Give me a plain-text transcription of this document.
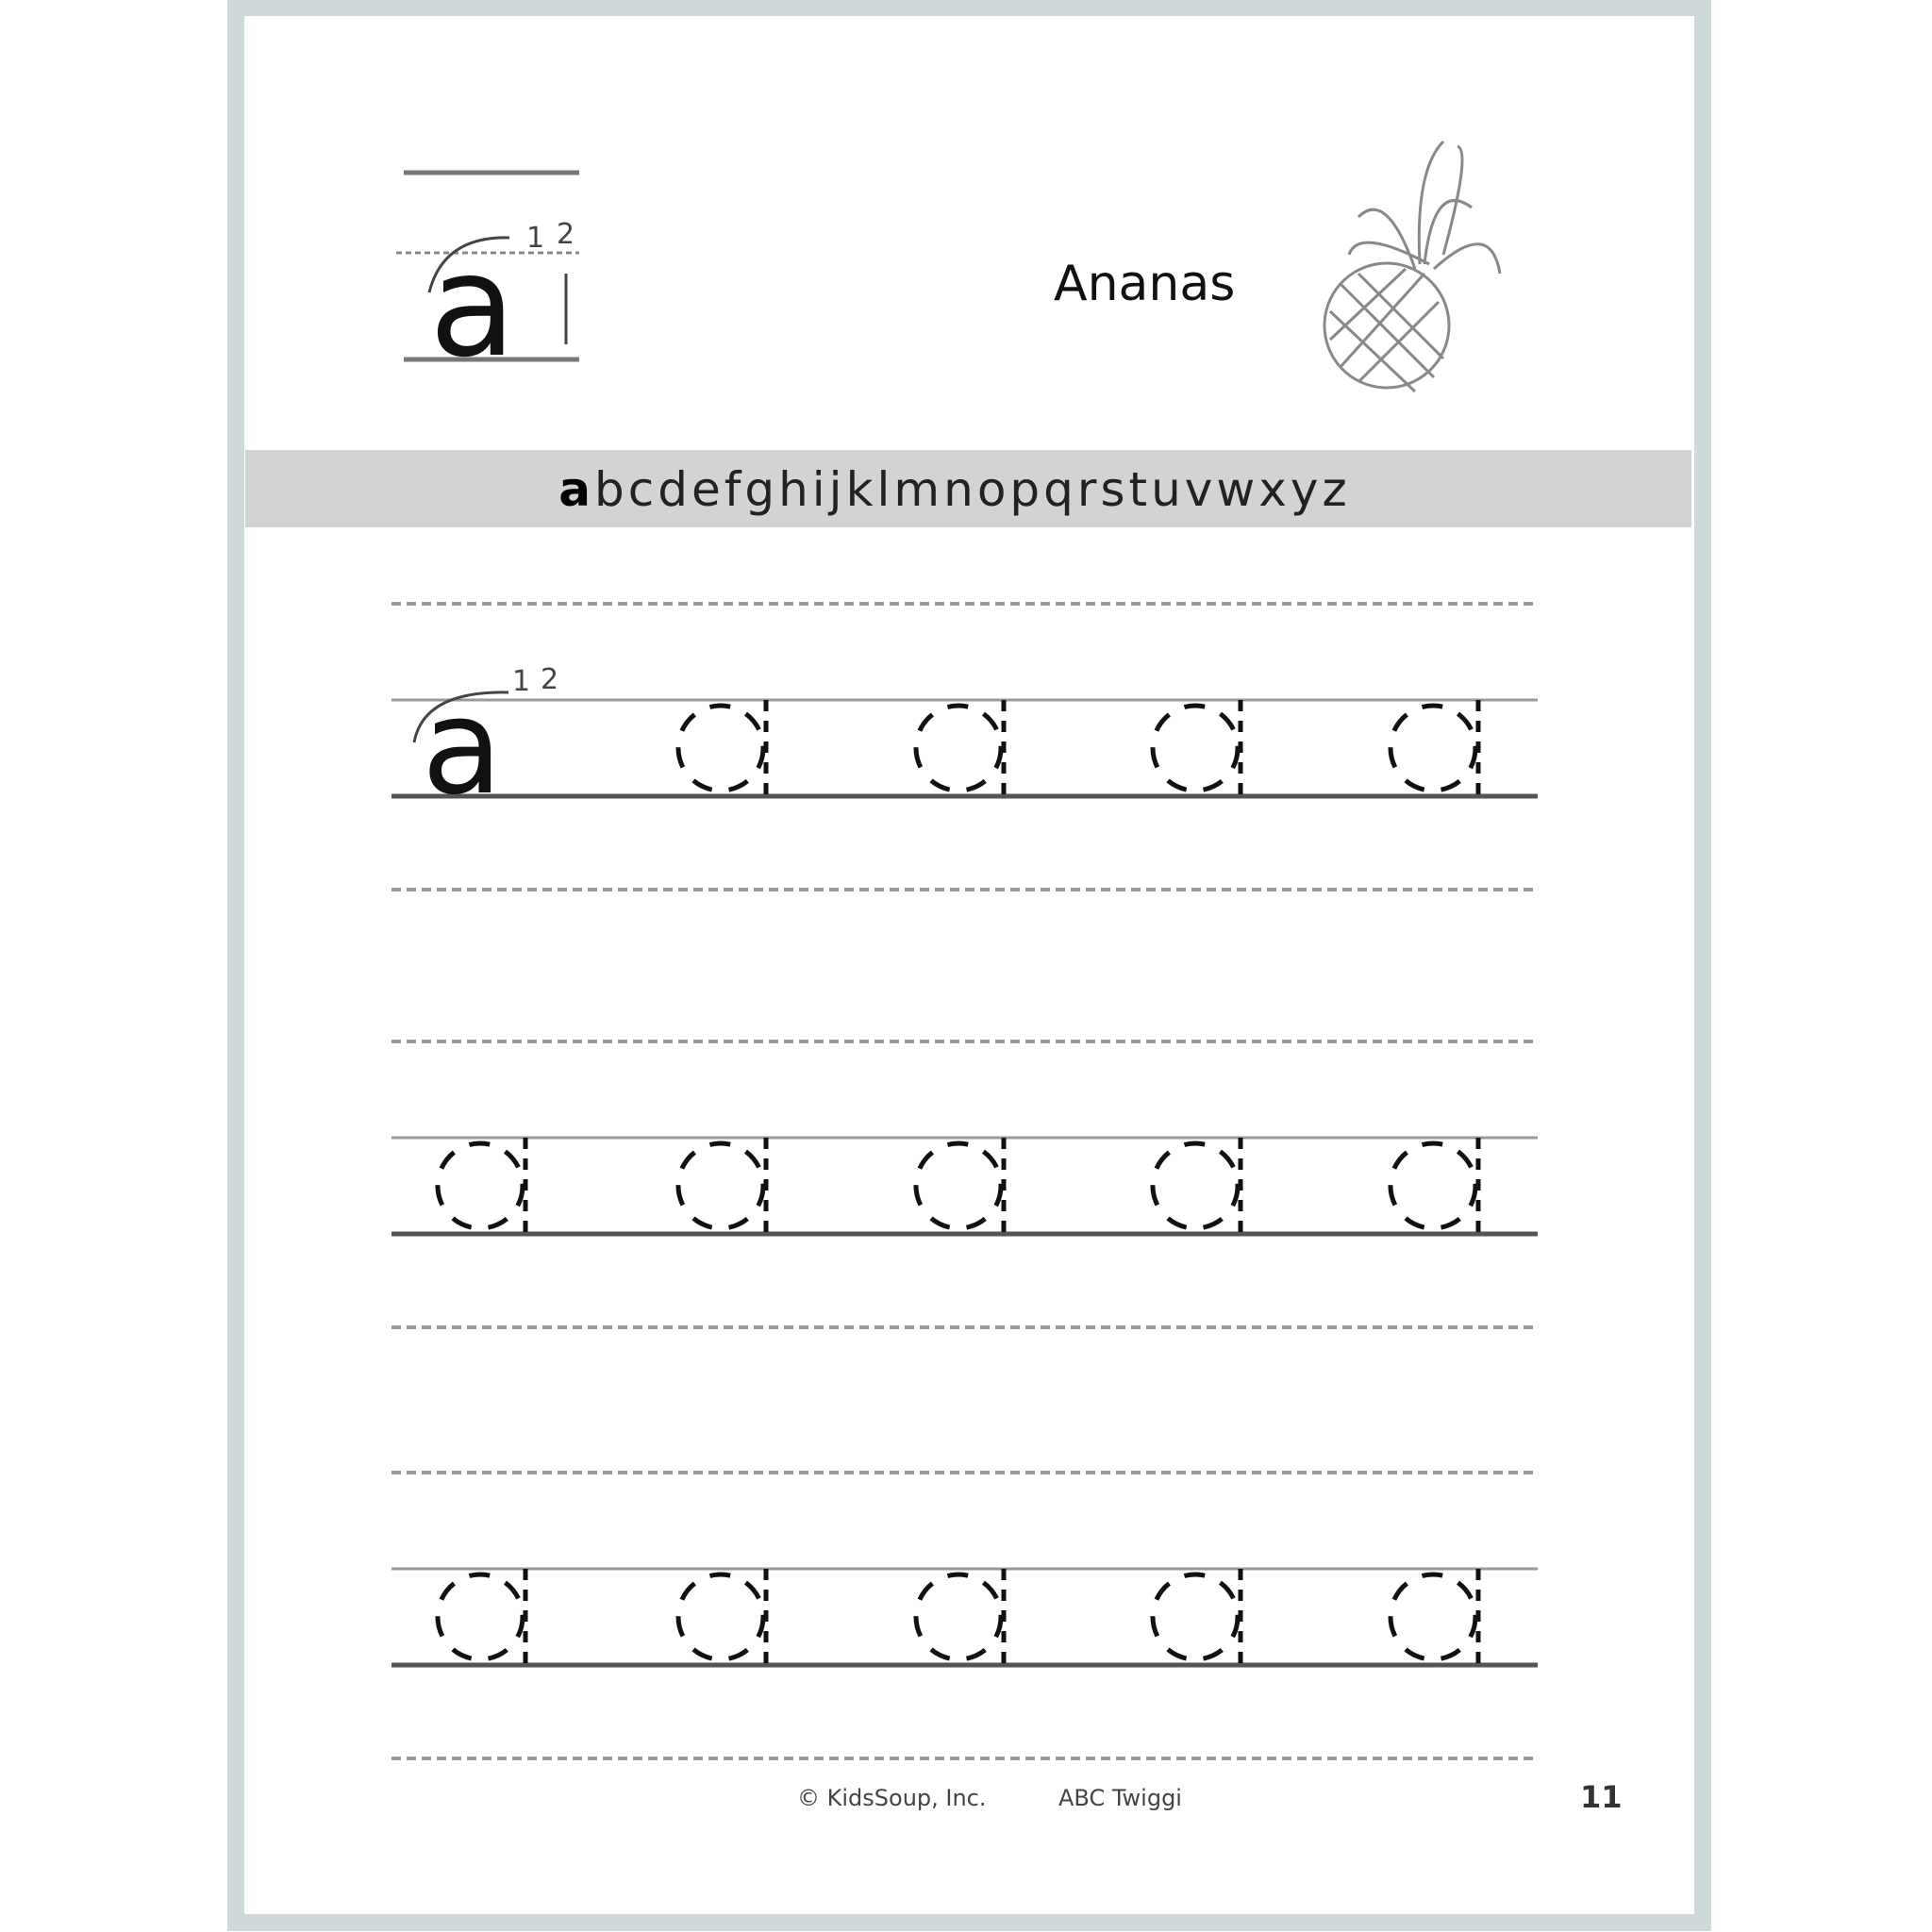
a 1 2
Ananas
abcdefghijklmnopqrstuvwxyz
a 1 2
© KidsSoup, Inc.	ABC Twiggi	11
